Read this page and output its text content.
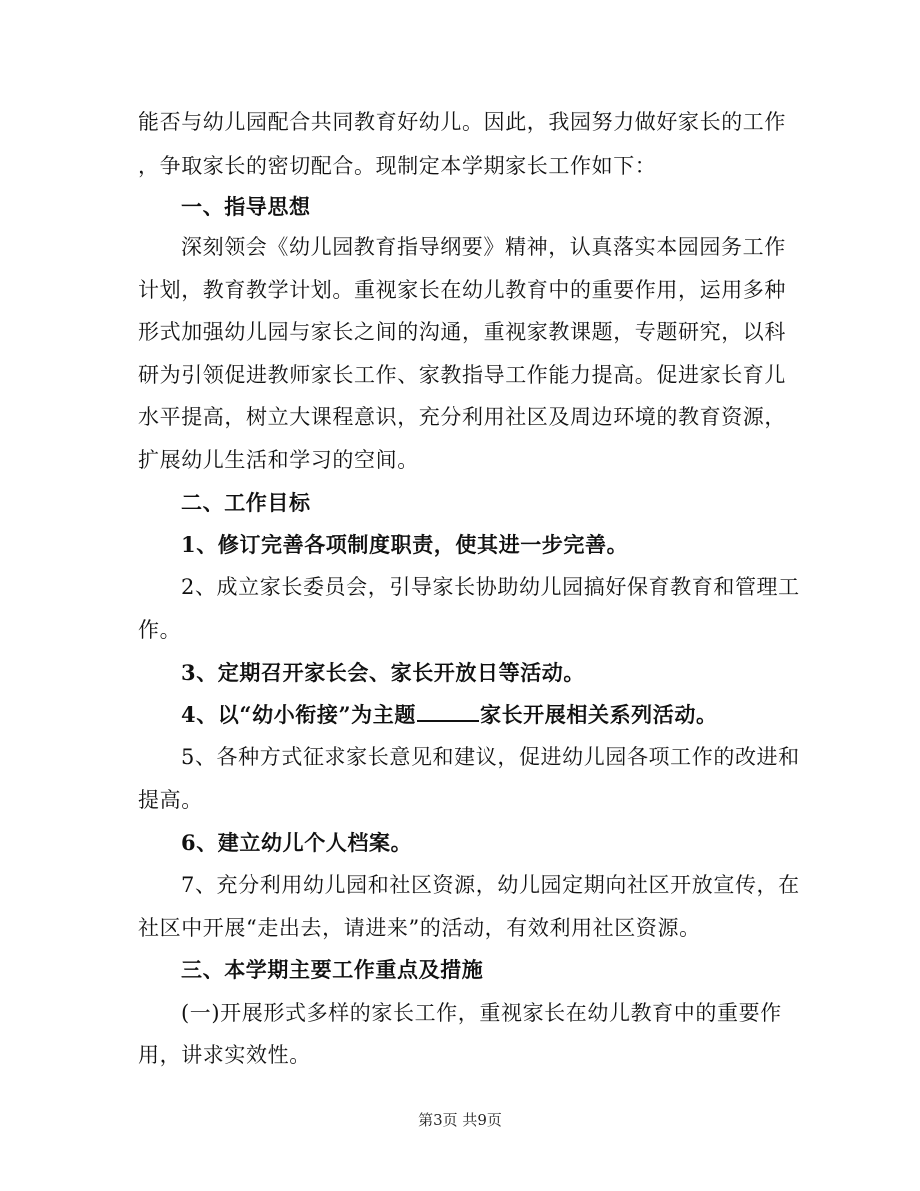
能否与幼儿园配合共同教育好幼儿。因此，我园努力做好家长的工作
，争取家长的密切配合。现制定本学期家长工作如下：
一、指导思想
深刻领会《幼儿园教育指导纲要》精神，认真落实本园园务工作
计划，教育教学计划。重视家长在幼儿教育中的重要作用，运用多种
形式加强幼儿园与家长之间的沟通，重视家教课题，专题研究，以科
研为引领促进教师家长工作、家教指导工作能力提高。促进家长育儿
水平提高，树立大课程意识，充分利用社区及周边环境的教育资源，
扩展幼儿生活和学习的空间。
二、工作目标
1、修订完善各项制度职责，使其进一步完善。
2、成立家长委员会，引导家长协助幼儿园搞好保育教育和管理工
作。
3、定期召开家长会、家长开放日等活动。
4、以“幼小衔接”为主题	家长开展相关系列活动。
5、各种方式征求家长意见和建议，促进幼儿园各项工作的改进和
提高。
6、建立幼儿个人档案。
7、充分利用幼儿园和社区资源，幼儿园定期向社区开放宣传，在
社区中开展“走出去，请进来”的活动，有效利用社区资源。
三、本学期主要工作重点及措施
(一)开展形式多样的家长工作，重视家长在幼儿教育中的重要作
用，讲求实效性。
第3页 共9页
